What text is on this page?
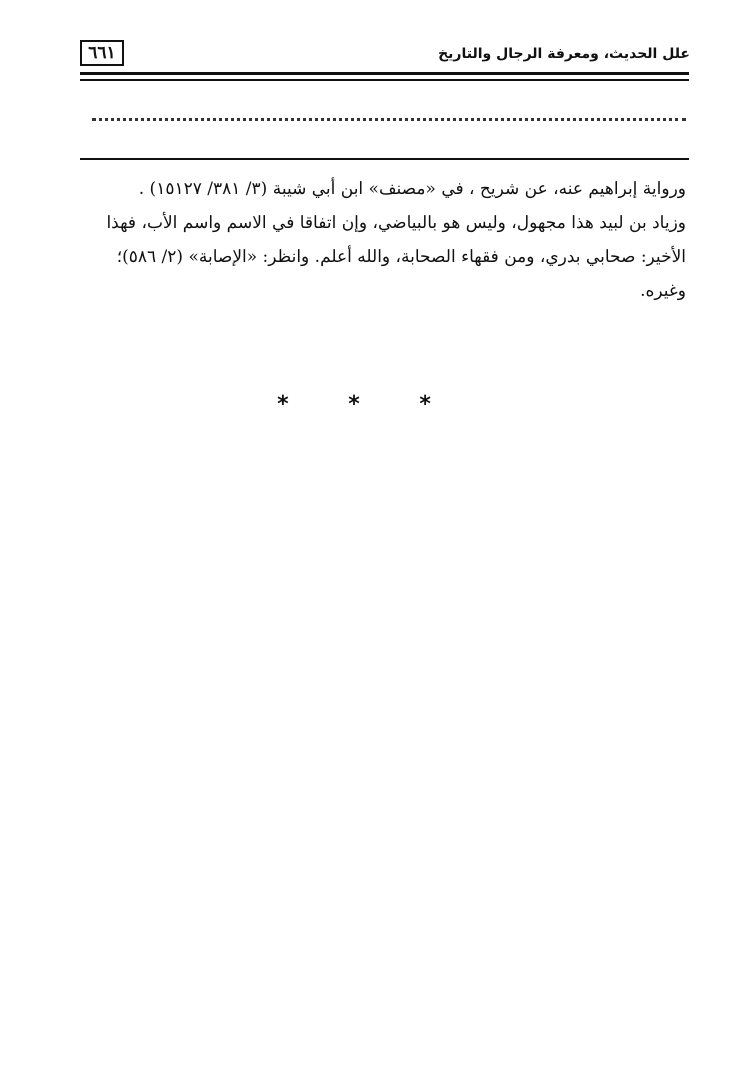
٦٦١	علل الحديث، ومعرفة الرجال والتاريخ
ورواية إبراهيم عنه، عن شريح ، في «مصنف» ابن أبي شيبة (٣/ ٣٨١/ ١٥١٢٧) .
وزياد بن لبيد هذا مجهول، وليس هو بالبياضي، وإن اتفاقا في الاسم واسم الأب، فهذا
الأخير: صحابي بدري، ومن فقهاء الصحابة، والله أعلم. وانظر: «الإصابة» (٢/ ٥٨٦)؛
وغيره.
* * *
